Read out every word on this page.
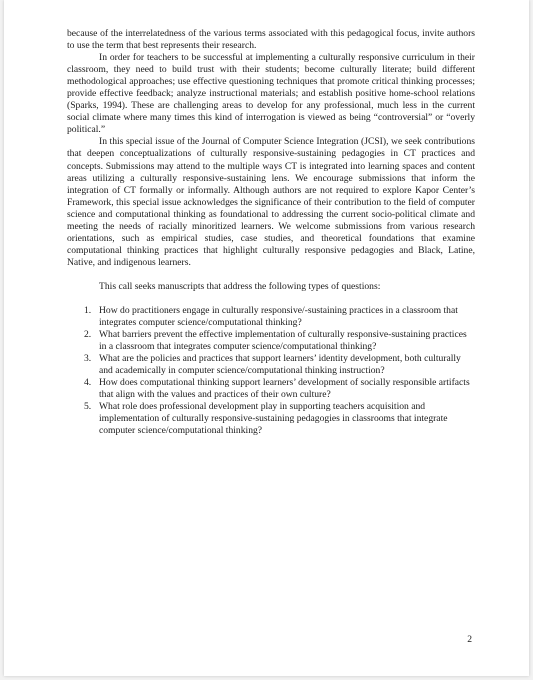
because of the interrelatedness of the various terms associated with this pedagogical focus, invite authors to use the term that best represents their research.

In order for teachers to be successful at implementing a culturally responsive curriculum in their classroom, they need to build trust with their students; become culturally literate; build different methodological approaches; use effective questioning techniques that promote critical thinking processes; provide effective feedback; analyze instructional materials; and establish positive home-school relations (Sparks, 1994). These are challenging areas to develop for any professional, much less in the current social climate where many times this kind of interrogation is viewed as being “controversial” or “overly political.”

In this special issue of the Journal of Computer Science Integration (JCSI), we seek contributions that deepen conceptualizations of culturally responsive-sustaining pedagogies in CT practices and concepts. Submissions may attend to the multiple ways CT is integrated into learning spaces and content areas utilizing a culturally responsive-sustaining lens. We encourage submissions that inform the integration of CT formally or informally. Although authors are not required to explore Kapor Center’s Framework, this special issue acknowledges the significance of their contribution to the field of computer science and computational thinking as foundational to addressing the current socio-political climate and meeting the needs of racially minoritized learners. We welcome submissions from various research orientations, such as empirical studies, case studies, and theoretical foundations that examine computational thinking practices that highlight culturally responsive pedagogies and Black, Latine, Native, and indigenous learners.

This call seeks manuscripts that address the following types of questions:

1. How do practitioners engage in culturally responsive/-sustaining practices in a classroom that integrates computer science/computational thinking?
2. What barriers prevent the effective implementation of culturally responsive-sustaining practices in a classroom that integrates computer science/computational thinking?
3. What are the policies and practices that support learners’ identity development, both culturally and academically in computer science/computational thinking instruction?
4. How does computational thinking support learners’ development of socially responsible artifacts that align with the values and practices of their own culture?
5. What role does professional development play in supporting teachers acquisition and implementation of culturally responsive-sustaining pedagogies in classrooms that integrate computer science/computational thinking?
2
